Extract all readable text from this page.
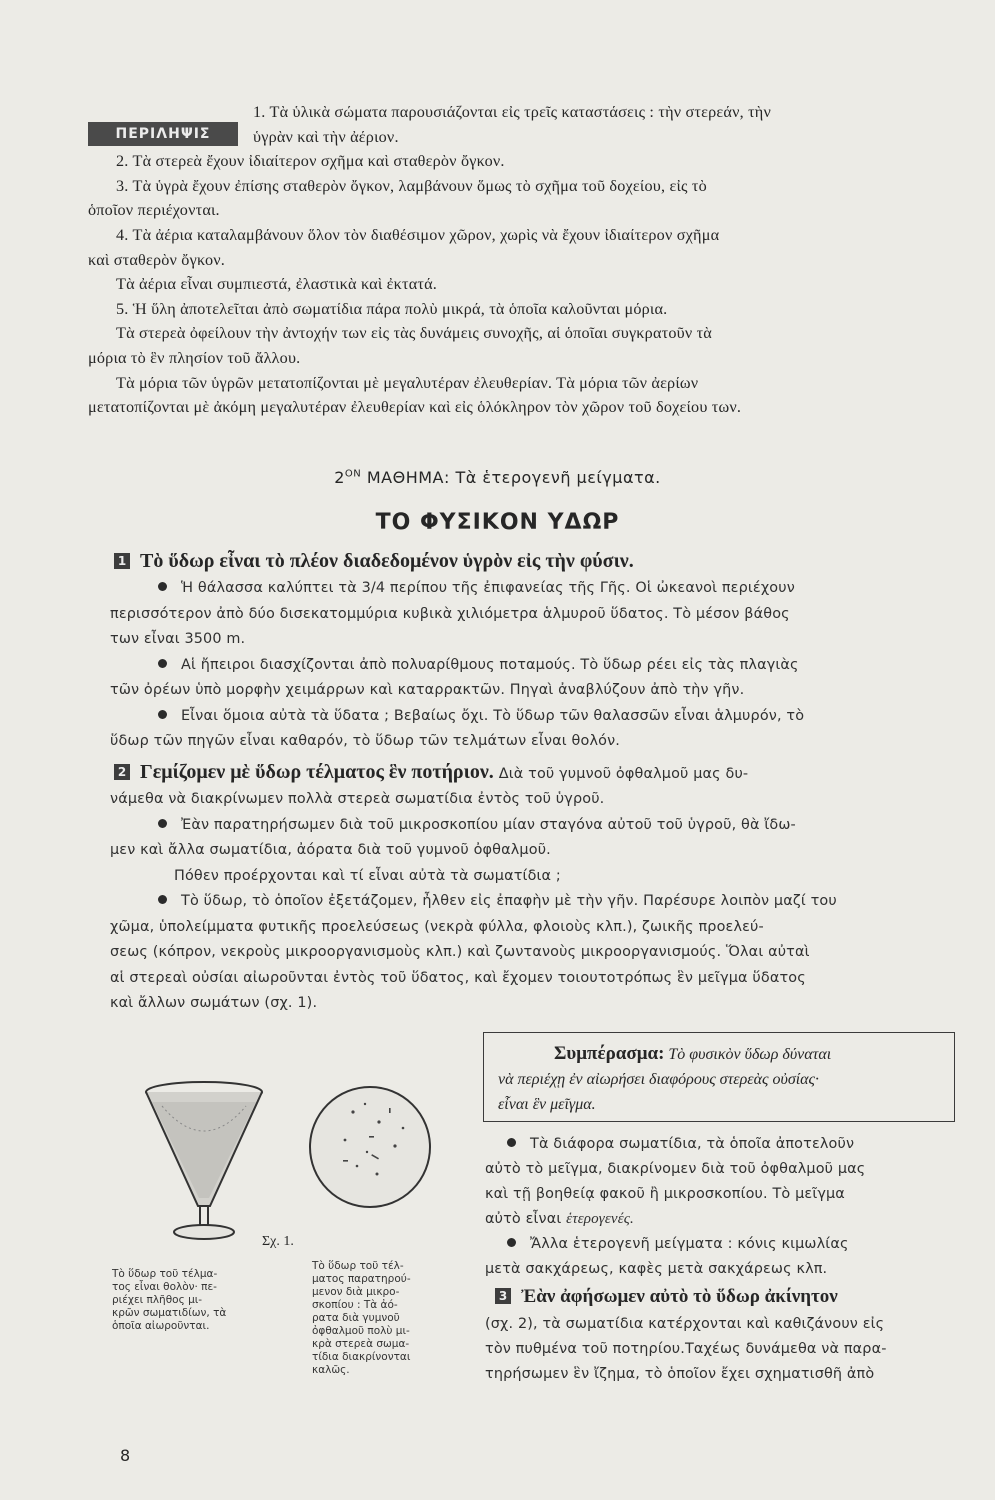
ΠΕΡΙΛΗΨΙΣ

1. Τὰ ὑλικὰ σώματα παρουσιάζονται εἰς τρεῖς καταστάσεις : τὴν στερεάν, τὴν

ὑγρὰν καὶ τὴν ἀέριον.

2. Τὰ στερεὰ ἔχουν ἰδιαίτερον σχῆμα καὶ σταθερὸν ὄγκον.

3. Τὰ ὑγρὰ ἔχουν ἐπίσης σταθερὸν ὄγκον, λαμβάνουν ὅμως τὸ σχῆμα τοῦ δοχείου, εἰς τὸ

ὁποῖον περιέχονται.

4. Τὰ ἀέρια καταλαμβάνουν ὅλον τὸν διαθέσιμον χῶρον, χωρὶς νὰ ἔχουν ἰδιαίτερον σχῆμα

καὶ σταθερὸν ὄγκον.

Τὰ ἀέρια εἶναι συμπιεστά, ἐλαστικὰ καὶ ἐκτατά.

5. Ἡ ὕλη ἀποτελεῖται ἀπὸ σωματίδια πάρα πολὺ μικρά, τὰ ὁποῖα καλοῦνται μόρια.

Τὰ στερεὰ ὀφείλουν τὴν ἀντοχήν των εἰς τὰς δυνάμεις συνοχῆς, αἱ ὁποῖαι συγκρατοῦν τὰ

μόρια τὸ ἓν πλησίον τοῦ ἄλλου.

Τὰ μόρια τῶν ὑγρῶν μετατοπίζονται μὲ μεγαλυτέραν ἐλευθερίαν. Τὰ μόρια τῶν ἀερίων

μετατοπίζονται μὲ ἀκόμη μεγαλυτέραν ἐλευθερίαν καὶ εἰς ὁλόκληρον τὸν χῶρον τοῦ δοχείου των.

$2^{ON}$ ΜΑΘΗΜΑ: Τὰ ἑτερογενῆ μείγματα.
ΤΟ ΦΥΣΙΚΟΝ ΥΔΩΡ
1 Τὸ ὕδωρ εἶναι τὸ πλέον διαδεδομένον ὑγρὸν εἰς τὴν φύσιν.

Ἡ θάλασσα καλύπτει τὰ 3/4 περίπου τῆς ἐπιφανείας τῆς Γῆς. Οἱ ὠκεανοὶ περιέχουν

περισσότερον ἀπὸ δύο δισεκατομμύρια κυβικὰ χιλιόμετρα ἁλμυροῦ ὕδατος. Τὸ μέσον βάθος

των εἶναι 3500 m.

Αἱ ἤπειροι διασχίζονται ἀπὸ πολυαρίθμους ποταμούς. Τὸ ὕδωρ ρέει εἰς τὰς πλαγιὰς

τῶν ὀρέων ὑπὸ μορφὴν χειμάρρων καὶ καταρρακτῶν. Πηγαὶ ἀναβλύζουν ἀπὸ τὴν γῆν.

Εἶναι ὅμοια αὐτὰ τὰ ὕδατα ; Βεβαίως ὄχι. Τὸ ὕδωρ τῶν θαλασσῶν εἶναι ἁλμυρόν, τὸ

ὕδωρ τῶν πηγῶν εἶναι καθαρόν, τὸ ὕδωρ τῶν τελμάτων εἶναι θολόν.

2 Γεμίζομεν μὲ ὕδωρ τέλματος ἓν ποτήριον. Διὰ τοῦ γυμνοῦ ὀφθαλμοῦ μας δυ-

νάμεθα νὰ διακρίνωμεν πολλὰ στερεὰ σωματίδια ἐντὸς τοῦ ὑγροῦ.

Ἐὰν παρατηρήσωμεν διὰ τοῦ μικροσκοπίου μίαν σταγόνα αὐτοῦ τοῦ ὑγροῦ, θὰ ἴδω-

μεν καὶ ἄλλα σωματίδια, ἀόρατα διὰ τοῦ γυμνοῦ ὀφθαλμοῦ.

Πόθεν προέρχονται καὶ τί εἶναι αὐτὰ τὰ σωματίδια ;

Τὸ ὕδωρ, τὸ ὁποῖον ἐξετάζομεν, ἦλθεν εἰς ἐπαφὴν μὲ τὴν γῆν. Παρέσυρε λοιπὸν μαζί του

χῶμα, ὑπολείμματα φυτικῆς προελεύσεως (νεκρὰ φύλλα, φλοιοὺς κλπ.), ζωικῆς προελεύ-

σεως (κόπρον, νεκροὺς μικροοργανισμοὺς κλπ.) καὶ ζωντανοὺς μικροοργανισμούς. Ὅλαι αὐταὶ

αἱ στερεαὶ οὐσίαι αἰωροῦνται ἐντὸς τοῦ ὕδατος, καὶ ἔχομεν τοιουτοτρόπως ἓν μεῖγμα ὕδατος

καὶ ἄλλων σωμάτων (σχ. 1).

Συμπέρασμα: Τὸ φυσικὸν ὕδωρ δύναται

νὰ περιέχῃ ἐν αἰωρήσει διαφόρους στερεὰς οὐσίας·

εἶναι ἓν μεῖγμα.

Τὰ διάφορα σωματίδια, τὰ ὁποῖα ἀποτελοῦν

αὐτὸ τὸ μεῖγμα, διακρίνομεν διὰ τοῦ ὀφθαλμοῦ μας

καὶ τῇ βοηθείᾳ φακοῦ ἢ μικροσκοπίου. Τὸ μεῖγμα

αὐτὸ εἶναι ἑτερογενές.

Ἄλλα ἑτερογενῆ μείγματα : κόνις κιμωλίας

μετὰ σακχάρεως, καφὲς μετὰ σακχάρεως κλπ.

3 Ἐὰν ἀφήσωμεν αὐτὸ τὸ ὕδωρ ἀκίνητον

(σχ. 2), τὰ σωματίδια κατέρχονται καὶ καθιζάνουν εἰς

τὸν πυθμένα τοῦ ποτηρίου.Ταχέως δυνάμεθα νὰ παρα-

τηρήσωμεν ἓν ἴζημα, τὸ ὁποῖον ἔχει σχηματισθῆ ἀπὸ

Σχ. 1.

Τὸ ὕδωρ τοῦ τέλμα-

τος εἶναι θολὸν· πε-

ριέχει πλῆθος μι-

κρῶν σωματιδίων, τὰ

ὁποῖα αἰωροῦνται.

Τὸ ὕδωρ τοῦ τέλ-

ματος παρατηρού-

μενον διὰ μικρο-

σκοπίου : Τὰ ἀό-

ρατα διὰ γυμνοῦ

ὀφθαλμοῦ πολὺ μι-

κρὰ στερεὰ σωμα-

τίδια διακρίνονται

καλῶς.

8
